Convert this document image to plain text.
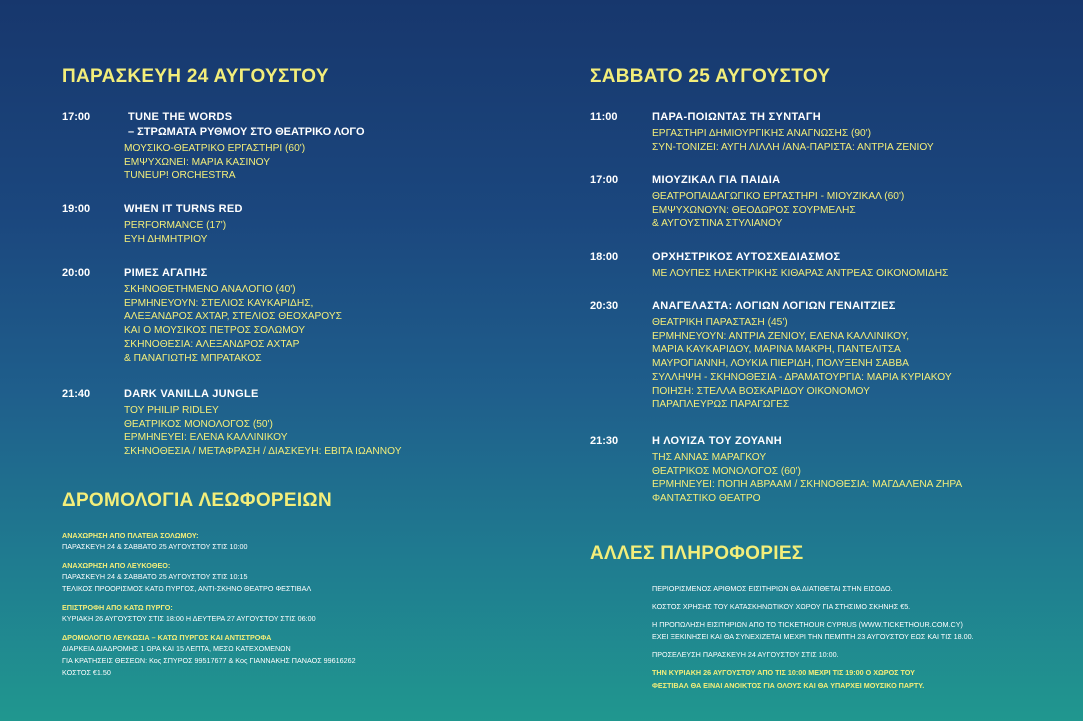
ΠΑΡΑΣΚΕΥΗ 24 ΑΥΓΟΥΣΤΟΥ
17:00	TUNE THE WORDS
– ΣΤΡΩΜΑΤΑ ΡΥΘΜΟΥ ΣΤΟ ΘΕΑΤΡΙΚΟ ΛΟΓΟ
ΜΟΥΣΙΚΟ-ΘΕΑΤΡΙΚΟ ΕΡΓΑΣΤΗΡΙ (60')
ΕΜΨΥΧΩΝΕΙ: ΜΑΡΙΑ ΚΑΣΙΝΟΥ
TUNEUP! ORCHESTRA
19:00	WHEN IT TURNS RED
PERFORMANCE (17')
ΕΥΗ ΔΗΜΗΤΡΙΟΥ
20:00	ΡΙΜΕΣ ΑΓΑΠΗΣ
ΣΚΗΝΟΘΕΤΗΜΕΝΟ ΑΝΑΛΟΓΙΟ (40')
ΕΡΜΗΝΕΥΟΥΝ: ΣΤΕΛΙΟΣ ΚΑΥΚΑΡΙΔΗΣ,
ΑΛΕΞΑΝΔΡΟΣ ΑΧΤΑΡ, ΣΤΕΛΙΟΣ ΘΕΟΧΑΡΟΥΣ
ΚΑΙ Ο ΜΟΥΣΙΚΟΣ ΠΕΤΡΟΣ ΣΟΛΩΜΟΥ
ΣΚΗΝΟΘΕΣΙΑ: ΑΛΕΞΑΝΔΡΟΣ ΑΧΤΑΡ
& ΠΑΝΑΓΙΩΤΗΣ ΜΠΡΑΤΑΚΟΣ
21:40	DARK VANILLA JUNGLE
ΤΟΥ PHILIP RIDLEY
ΘΕΑΤΡΙΚΟΣ ΜΟΝΟΛΟΓΟΣ (50')
ΕΡΜΗΝΕΥΕΙ: ΕΛΕΝΑ ΚΑΛΛΙΝΙΚΟΥ
ΣΚΗΝΟΘΕΣΙΑ / ΜΕΤΑΦΡΑΣΗ / ΔΙΑΣΚΕΥΗ: ΕΒΙΤΑ ΙΩΑΝΝΟΥ
ΔΡΟΜΟΛΟΓΙΑ ΛΕΩΦΟΡΕΙΩΝ
ΑΝΑΧΩΡΗΣΗ ΑΠΟ ΠΛΑΤΕΙΑ ΣΟΛΩΜΟΥ:
ΠΑΡΑΣΚΕΥΗ 24 & ΣΑΒΒΑΤΟ 25 ΑΥΓΟΥΣΤΟΥ ΣΤΙΣ 10:00
ΑΝΑΧΩΡΗΣΗ ΑΠΟ ΛΕΥΚΟΘΕΟ:
ΠΑΡΑΣΚΕΥΗ 24 & ΣΑΒΒΑΤΟ 25 ΑΥΓΟΥΣΤΟΥ ΣΤΙΣ 10:15
ΤΕΛΙΚΟΣ ΠΡΟΟΡΙΣΜΟΣ ΚΑΤΩ ΠΥΡΓΟΣ, ΑΝΤΙ-ΣΚΗΝΟ ΘΕΑΤΡΟ ΦΕΣΤΙΒΑΛ
ΕΠΙΣΤΡΟΦΗ ΑΠΟ ΚΑΤΩ ΠΥΡΓΟ:
ΚΥΡΙΑΚΗ 26 ΑΥΓΟΥΣΤΟΥ ΣΤΙΣ 18:00 Η ΔΕΥΤΕΡΑ 27 ΑΥΓΟΥΣΤΟΥ ΣΤΙΣ 06:00
ΔΡΟΜΟΛΟΓΙΟ ΛΕΥΚΩΣΙΑ – ΚΑΤΩ ΠΥΡΓΟΣ ΚΑΙ ΑΝΤΙΣΤΡΟΦΑ
ΔΙΑΡΚΕΙΑ ΔΙΑΔΡΟΜΗΣ 1 ΩΡΑ ΚΑΙ 15 ΛΕΠΤΑ, ΜΕΣΩ ΚΑΤΕΧΟΜΕΝΩΝ
ΓΙΑ ΚΡΑΤΗΣΕΙΣ ΘΕΣΕΩΝ: Κος ΣΠΥΡΟΣ 99517677 & Κος ΓΙΑΝΝΑΚΗΣ ΠΑΝΑΟΣ 99616262
ΚΟΣΤΟΣ €1.50
ΣΑΒΒΑΤΟ 25 ΑΥΓΟΥΣΤΟΥ
11:00	ΠΑΡΑ-ΠΟΙΩΝΤΑΣ ΤΗ ΣΥΝΤΑΓΗ
ΕΡΓΑΣΤΗΡΙ ΔΗΜΙΟΥΡΓΙΚΗΣ ΑΝΑΓΝΩΣΗΣ (90')
ΣΥΝ-ΤΟΝΙΖΕΙ: ΑΥΓΗ ΛΙΛΛΗ /ΑΝΑ-ΠΑΡΙΣΤΑ: ΑΝΤΡΙΑ ΖΕΝΙΟΥ
17:00	ΜΙΟΥΖΙΚΑΛ ΓΙΑ ΠΑΙΔΙΑ
ΘΕΑΤΡΟΠΑΙΔΑΓΩΓΙΚΟ ΕΡΓΑΣΤΗΡΙ - ΜΙΟΥΖΙΚΑΛ (60')
ΕΜΨΥΧΩΝΟΥΝ: ΘΕΟΔΩΡΟΣ ΣΟΥΡΜΕΛΗΣ
& ΑΥΓΟΥΣΤΙΝΑ ΣΤΥΛΙΑΝΟΥ
18:00	ΟΡΧΗΣΤΡΙΚΟΣ ΑΥΤΟΣΧΕΔΙΑΣΜΟΣ
ΜΕ ΛΟΥΠΕΣ ΗΛΕΚΤΡΙΚΗΣ ΚΙΘΑΡΑΣ ΑΝΤΡΕΑΣ ΟΙΚΟΝΟΜΙΔΗΣ
20:30	ΑΝΑΓΕΛΑΣΤΑ: ΛΟΓΙΩΝ ΛΟΓΙΩΝ ΓΕΝΑΙΤΖΙΕΣ
ΘΕΑΤΡΙΚΗ ΠΑΡΑΣΤΑΣΗ (45')
ΕΡΜΗΝΕΥΟΥΝ: ΑΝΤΡΙΑ ΖΕΝΙΟΥ, ΕΛΕΝΑ ΚΑΛΛΙΝΙΚΟΥ,
ΜΑΡΙΑ ΚΑΥΚΑΡΙΔΟΥ, ΜΑΡΙΝΑ ΜΑΚΡΗ, ΠΑΝΤΕΛΙΤΣΑ
ΜΑΥΡΟΓΙΑΝΝΗ, ΛΟΥΚΙΑ ΠΙΕΡΙΔΗ, ΠΟΛΥΞΕΝΗ ΣΑΒΒΑ
ΣΥΛΛΗΨΗ - ΣΚΗΝΟΘΕΣΙΑ - ΔΡΑΜΑΤΟΥΡΓΙΑ: ΜΑΡΙΑ ΚΥΡΙΑΚΟΥ
ΠΟΙΗΣΗ: ΣΤΕΛΛΑ ΒΟΣΚΑΡΙΔΟΥ ΟΙΚΟΝΟΜΟΥ
ΠΑΡΑΠΛΕΥΡΩΣ ΠΑΡΑΓΩΓΕΣ
21:30	Η ΛΟΥΙΖΑ ΤΟΥ ΖΟΥΑΝΗ
ΤΗΣ ΑΝΝΑΣ ΜΑΡΑΓΚΟΥ
ΘΕΑΤΡΙΚΟΣ ΜΟΝΟΛΟΓΟΣ (60')
ΕΡΜΗΝΕΥΕΙ: ΠΟΠΗ ΑΒΡΑΑΜ / ΣΚΗΝΟΘΕΣΙΑ: ΜΑΓΔΑΛΕΝΑ ΖΗΡΑ
ΦΑΝΤΑΣΤΙΚΟ ΘΕΑΤΡΟ
ΑΛΛΕΣ ΠΛΗΡΟΦΟΡΙΕΣ
ΠΕΡΙΟΡΙΣΜΕΝΟΣ ΑΡΙΘΜΟΣ ΕΙΣΙΤΗΡΙΩΝ ΘΑ ΔΙΑΤΙΘΕΤΑΙ ΣΤΗΝ ΕΙΣΟΔΟ.
ΚΟΣΤΟΣ ΧΡΗΣΗΣ ΤΟΥ ΚΑΤΑΣΚΗΝΩΤΙΚΟΥ ΧΩΡΟΥ ΓΙΑ ΣΤΗΣΙΜΟ ΣΚΗΝΗΣ €5.
Η ΠΡΟΠΩΛΗΣΗ ΕΙΣΙΤΗΡΙΩΝ ΑΠΟ ΤΟ TICKETHOUR CYPRUS (WWW.TICKETHOUR.COM.CY)
ΕΧΕΙ ΞΕΚΙΝΗΣΕΙ ΚΑΙ ΘΑ ΣΥΝΕΧΙΖΕΤΑΙ ΜΕΧΡΙ ΤΗΝ ΠΕΜΠΤΗ 23 ΑΥΓΟΥΣΤΟΥ ΕΩΣ ΚΑΙ ΤΙΣ 18.00.
ΠΡΟΣΕΛΕΥΣΗ ΠΑΡΑΣΚΕΥΗ 24 ΑΥΓΟΥΣΤΟΥ ΣΤΙΣ 10:00.
ΤΗΝ ΚΥΡΙΑΚΗ 26 ΑΥΓΟΥΣΤΟΥ ΑΠΟ ΤΙΣ 10:00 ΜΕΧΡΙ ΤΙΣ 19:00 Ο ΧΩΡΟΣ ΤΟΥ
ΦΕΣΤΙΒΑΛ ΘΑ ΕΙΝΑΙ ΑΝΟΙΚΤΟΣ ΓΙΑ ΟΛΟΥΣ ΚΑΙ ΘΑ ΥΠΑΡΧΕΙ ΜΟΥΣΙΚΟ ΠΑΡΤΥ.
